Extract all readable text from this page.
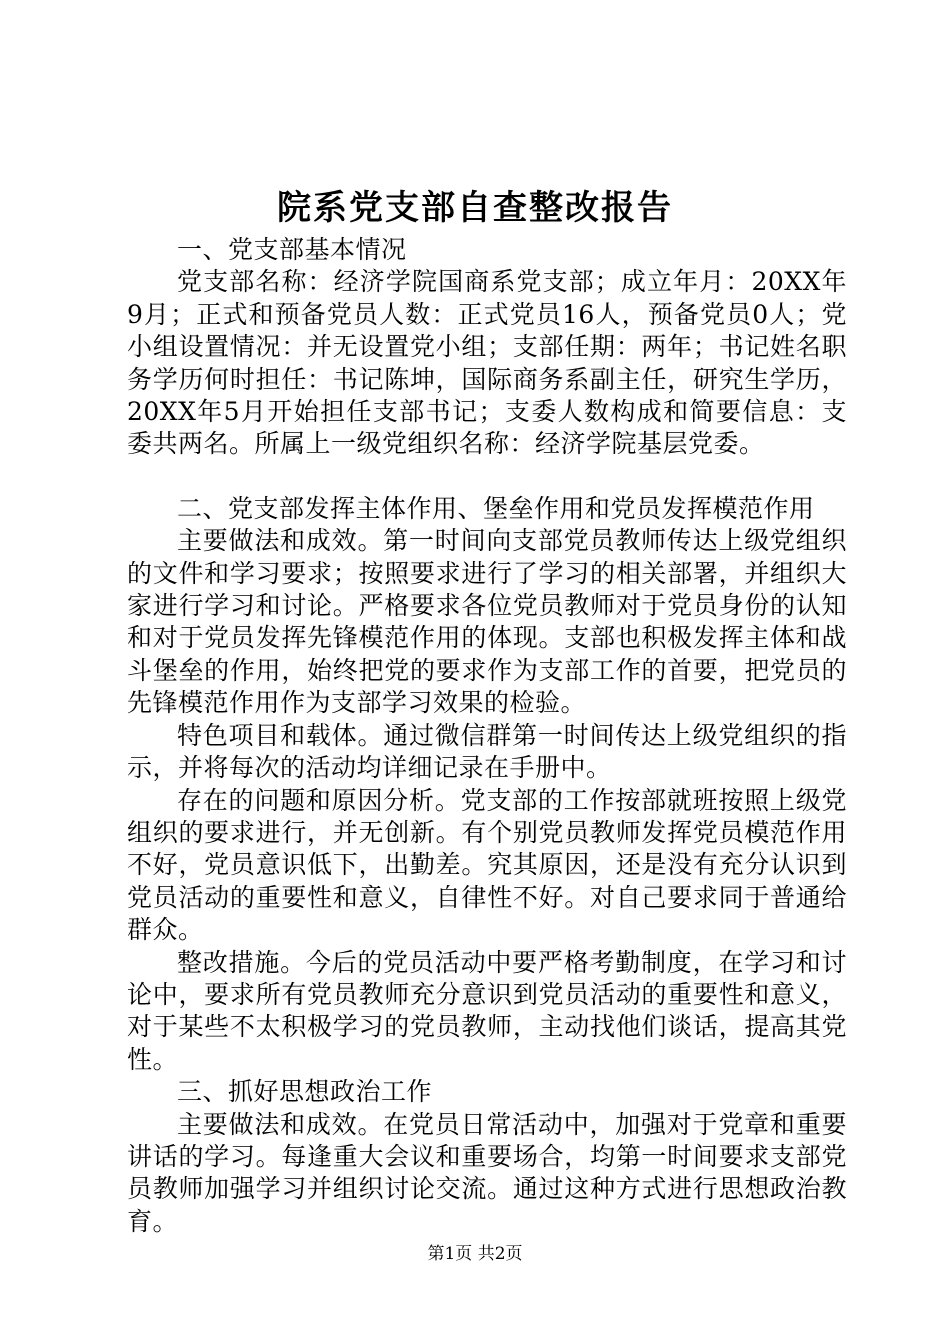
院系党支部自查整改报告

一、党支部基本情况

党支部名称：经济学院国商系党支部；成立年月：20XX年9月；正式和预备党员人数：正式党员16人，预备党员0人；党小组设置情况：并无设置党小组；支部任期：两年；书记姓名职务学历何时担任：书记陈坤，国际商务系副主任，研究生学历，20XX年5月开始担任支部书记；支委人数构成和简要信息：支委共两名。所属上一级党组织名称：经济学院基层党委。

二、党支部发挥主体作用、堡垒作用和党员发挥模范作用

主要做法和成效。第一时间向支部党员教师传达上级党组织的文件和学习要求；按照要求进行了学习的相关部署，并组织大家进行学习和讨论。严格要求各位党员教师对于党员身份的认知和对于党员发挥先锋模范作用的体现。支部也积极发挥主体和战斗堡垒的作用，始终把党的要求作为支部工作的首要，把党员的先锋模范作用作为支部学习效果的检验。

特色项目和载体。通过微信群第一时间传达上级党组织的指示，并将每次的活动均详细记录在手册中。

存在的问题和原因分析。党支部的工作按部就班按照上级党组织的要求进行，并无创新。有个别党员教师发挥党员模范作用不好，党员意识低下，出勤差。究其原因，还是没有充分认识到党员活动的重要性和意义，自律性不好。对自己要求同于普通给群众。

整改措施。今后的党员活动中要严格考勤制度，在学习和讨论中，要求所有党员教师充分意识到党员活动的重要性和意义，对于某些不太积极学习的党员教师，主动找他们谈话，提高其党性。

三、抓好思想政治工作

主要做法和成效。在党员日常活动中，加强对于党章和重要讲话的学习。每逢重大会议和重要场合，均第一时间要求支部党员教师加强学习并组织讨论交流。通过这种方式进行思想政治教育。

第1页 共2页
